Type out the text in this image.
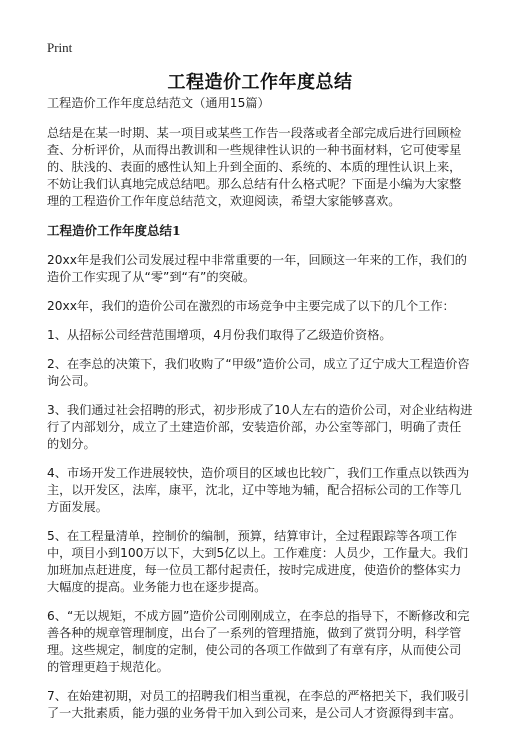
Print
工程造价工作年度总结

工程造价工作年度总结范文（通用15篇）

总结是在某一时期、某一项目或某些工作告一段落或者全部完成后进行回顾检查、分析评价，从而得出教训和一些规律性认识的一种书面材料，它可使零星的、肤浅的、表面的感性认知上升到全面的、系统的、本质的理性认识上来，不妨让我们认真地完成总结吧。那么总结有什么格式呢？下面是小编为大家整理的工程造价工作年度总结范文，欢迎阅读，希望大家能够喜欢。

工程造价工作年度总结1

20xx年是我们公司发展过程中非常重要的一年，回顾这一年来的工作，我们的造价工作实现了从“零”到“有”的突破。

20xx年，我们的造价公司在激烈的市场竞争中主要完成了以下的几个工作：

1、从招标公司经营范围增项，4月份我们取得了乙级造价资格。

2、在李总的决策下，我们收购了“甲级”造价公司，成立了辽宁成大工程造价咨询公司。

3、我们通过社会招聘的形式，初步形成了10人左右的造价公司，对企业结构进行了内部划分，成立了土建造价部，安装造价部，办公室等部门，明确了责任的划分。

4、市场开发工作进展较快，造价项目的区域也比较广，我们工作重点以铁西为主，以开发区，法库，康平，沈北，辽中等地为辅，配合招标公司的工作等几方面发展。

5、在工程量清单，控制价的编制，预算，结算审计，全过程跟踪等各项工作中，项目小到100万以下，大到5亿以上。工作难度：人员少，工作量大。我们加班加点赶进度，每一位员工都付起责任，按时完成进度，使造价的整体实力大幅度的提高。业务能力也在逐步提高。

6、“无以规矩，不成方圆”造价公司刚刚成立，在李总的指导下，不断修改和完善各种的规章管理制度，出台了一系列的管理措施，做到了赏罚分明，科学管理。这些规定，制度的定制，使公司的各项工作做到了有章有序，从而使公司的管理更趋于规范化。

7、在始建初期，对员工的招聘我们相当重视，在李总的严格把关下，我们吸引了一大批素质，能力强的业务骨干加入到公司来，是公司人才资源得到丰富。
